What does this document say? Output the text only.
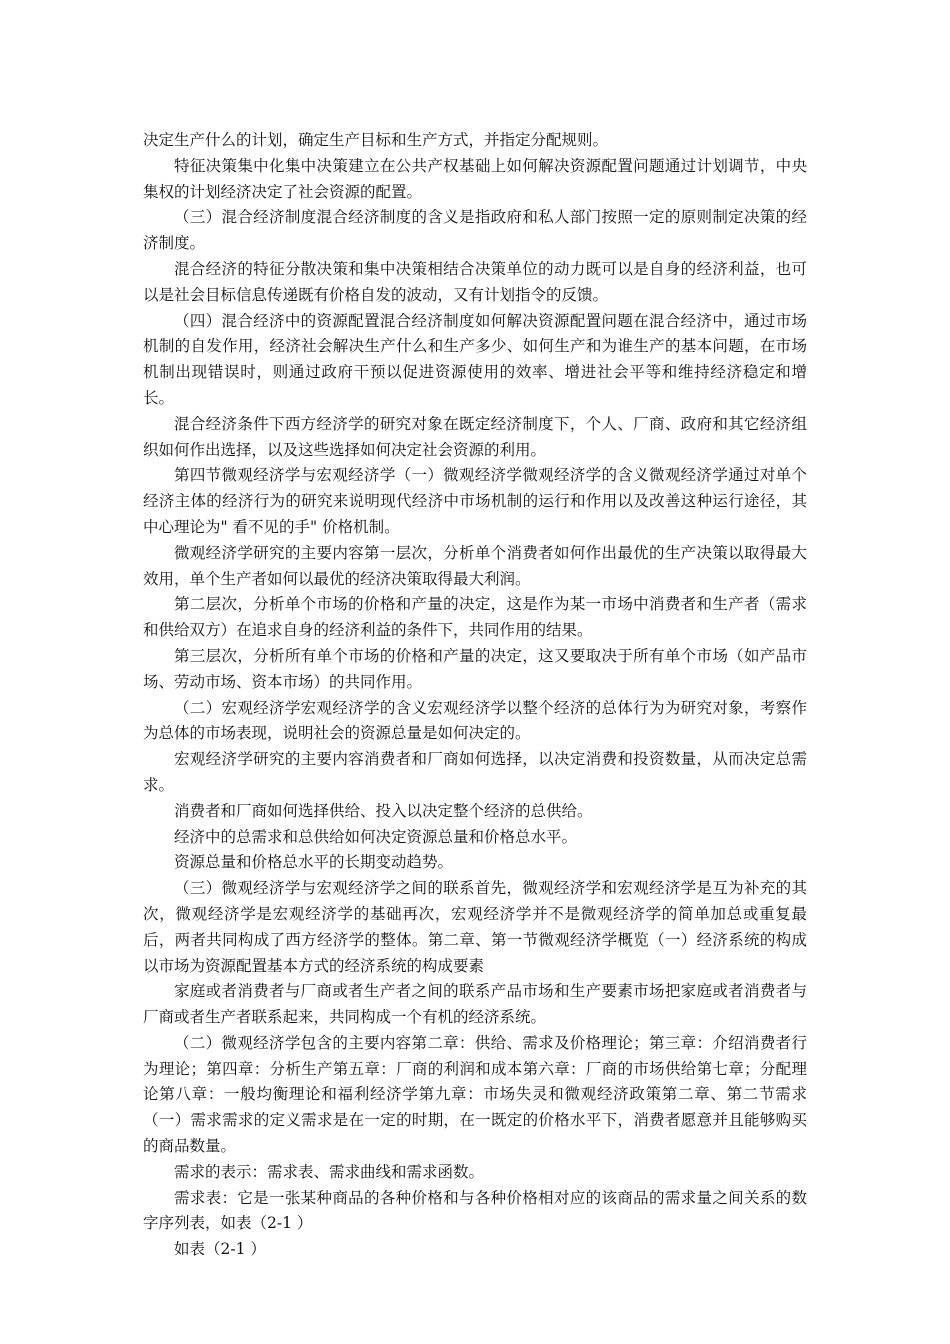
决定生产什么的计划，确定生产目标和生产方式，并指定分配规则。

特征决策集中化集中决策建立在公共产权基础上如何解决资源配置问题通过计划调节，中央集权的计划经济决定了社会资源的配置。

（三）混合经济制度混合经济制度的含义是指政府和私人部门按照一定的原则制定决策的经济制度。

混合经济的特征分散决策和集中决策相结合决策单位的动力既可以是自身的经济利益，也可以是社会目标信息传递既有价格自发的波动，又有计划指令的反馈。

（四）混合经济中的资源配置混合经济制度如何解决资源配置问题在混合经济中，通过市场机制的自发作用，经济社会解决生产什么和生产多少、如何生产和为谁生产的基本问题，在市场机制出现错误时，则通过政府干预以促进资源使用的效率、增进社会平等和维持经济稳定和增长。

混合经济条件下西方经济学的研究对象在既定经济制度下，个人、厂商、政府和其它经济组织如何作出选择，以及这些选择如何决定社会资源的利用。

第四节微观经济学与宏观经济学（一）微观经济学微观经济学的含义微观经济学通过对单个经济主体的经济行为的研究来说明现代经济中市场机制的运行和作用以及改善这种运行途径，其中心理论为" 看不见的手" 价格机制。

微观经济学研究的主要内容第一层次，分析单个消费者如何作出最优的生产决策以取得最大效用，单个生产者如何以最优的经济决策取得最大利润。

第二层次，分析单个市场的价格和产量的决定，这是作为某一市场中消费者和生产者（需求和供给双方）在追求自身的经济利益的条件下，共同作用的结果。

第三层次，分析所有单个市场的价格和产量的决定，这又要取决于所有单个市场（如产品市场、劳动市场、资本市场）的共同作用。

（二）宏观经济学宏观经济学的含义宏观经济学以整个经济的总体行为为研究对象，考察作为总体的市场表现，说明社会的资源总量是如何决定的。

宏观经济学研究的主要内容消费者和厂商如何选择，以决定消费和投资数量，从而决定总需求。

消费者和厂商如何选择供给、投入以决定整个经济的总供给。

经济中的总需求和总供给如何决定资源总量和价格总水平。

资源总量和价格总水平的长期变动趋势。

（三）微观经济学与宏观经济学之间的联系首先，微观经济学和宏观经济学是互为补充的其次，微观经济学是宏观经济学的基础再次，宏观经济学并不是微观经济学的简单加总或重复最后，两者共同构成了西方经济学的整体。第二章、第一节微观经济学概览（一）经济系统的构成以市场为资源配置基本方式的经济系统的构成要素

家庭或者消费者与厂商或者生产者之间的联系产品市场和生产要素市场把家庭或者消费者与厂商或者生产者联系起来，共同构成一个有机的经济系统。

（二）微观经济学包含的主要内容第二章：供给、需求及价格理论；第三章：介绍消费者行为理论；第四章：分析生产第五章：厂商的利润和成本第六章：厂商的市场供给第七章；分配理论第八章：一般均衡理论和福利经济学第九章：市场失灵和微观经济政策第二章、第二节需求（一）需求需求的定义需求是在一定的时期，在一既定的价格水平下，消费者愿意并且能够购买的商品数量。

需求的表示：需求表、需求曲线和需求函数。

需求表：它是一张某种商品的各种价格和与各种价格相对应的该商品的需求量之间关系的数字序列表，如表（2-1 ）

如表（2-1 ）
